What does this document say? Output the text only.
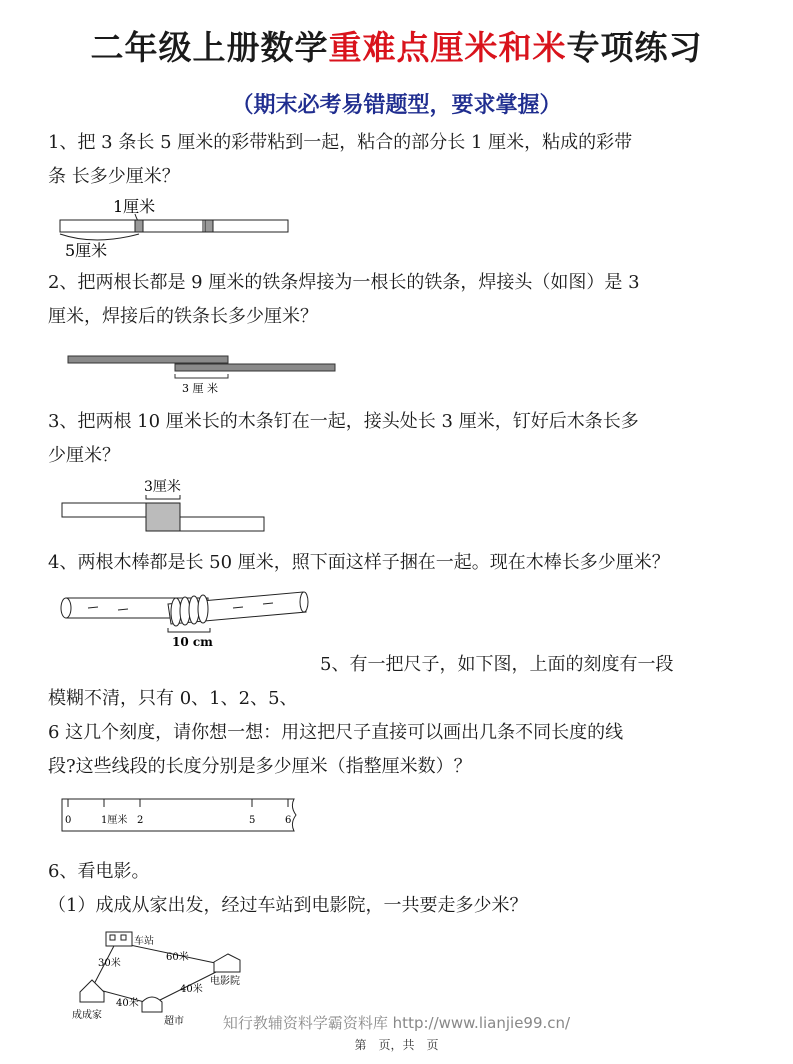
二年级上册数学重难点厘米和米专项练习
（期末必考易错题型，要求掌握）

1、把 3 条长 5 厘米的彩带粘到一起，粘合的部分长 1 厘米，粘成的彩带

条 长多少厘米？

1厘米
5厘米

2、把两根长都是 9 厘米的铁条焊接为一根长的铁条，焊接头（如图）是 3

厘米，焊接后的铁条长多少厘米？

3 厘 米

3、把两根 10 厘米长的木条钉在一起，接头处长 3 厘米，钉好后木条长多

少厘米？

3厘米

4、两根木棒都是长 50 厘米，照下面这样子捆在一起。现在木棒长多少厘米？

10 cm
5、有一把尺子，如下图，上面的刻度有一段

模糊不清，只有 0、1、2、5、

6 这几个刻度，请你想一想：用这把尺子直接可以画出几条不同长度的线

段?这些线段的长度分别是多少厘米（指整厘米数）？

0	1厘米 2	5	6

6、看电影。

（1）成成从家出发，经过车站到电影院，一共要走多少米？

车站
电影院
成成家
超市
30米
60米
40米
40米
知行教辅资料学霸资料库 http://www.lianjie99.cn/
第　页，共　页
